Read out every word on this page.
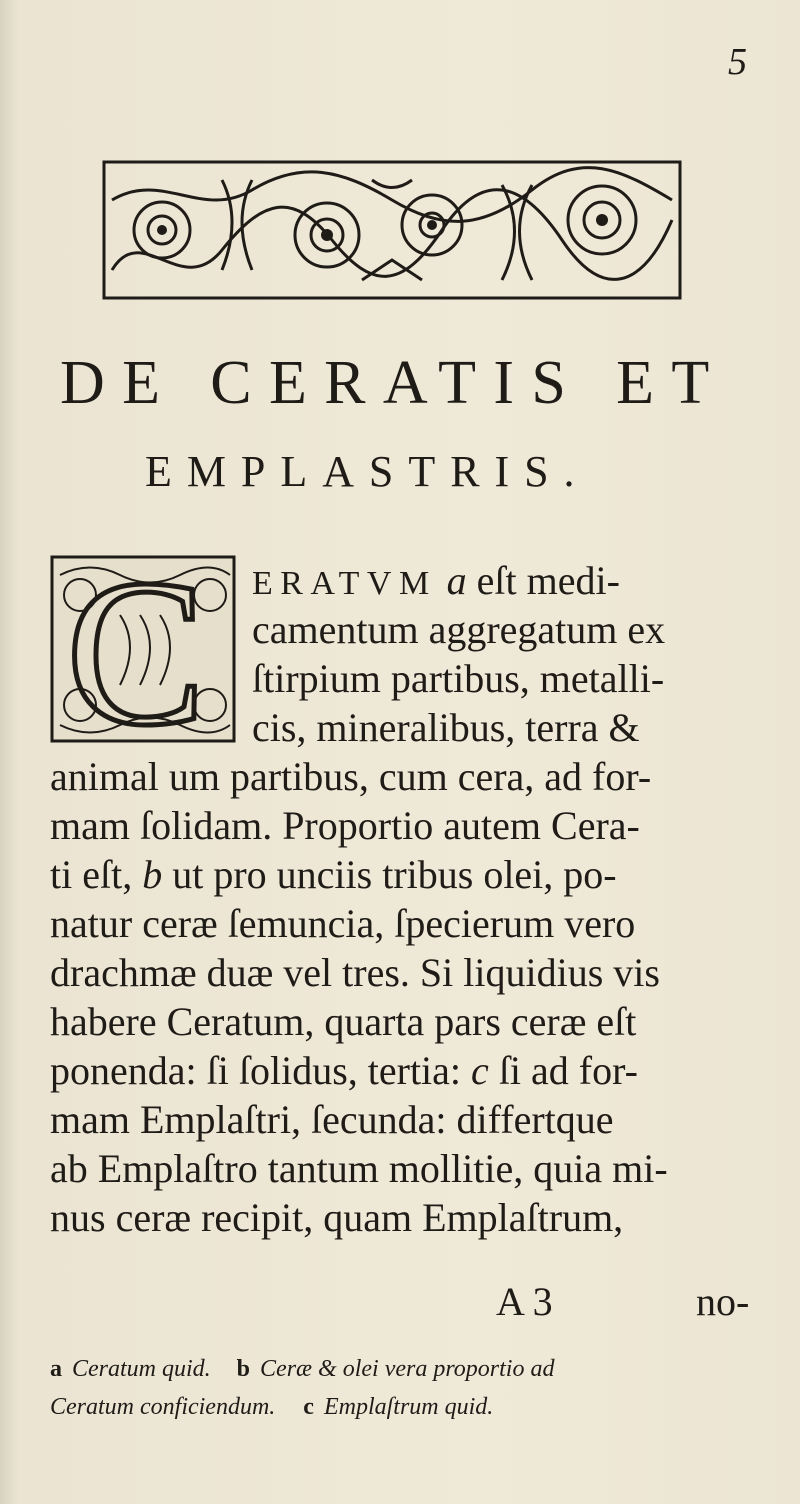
5
DE CERATIS ET
EMPLASTRIS.
C ERATVM a eſt medi-
camentum aggregatum ex
ſtirpium partibus, metalli-
cis, mineralibus, terra &
animal um partibus, cum cera, ad for-
mam ſolidam. Proportio autem Cera-
ti eſt, b ut pro unciis tribus olei, po-
natur ceræ ſemuncia, ſpecierum vero
drachmæ duæ vel tres. Si liquidius vis
habere Ceratum, quarta pars ceræ eſt
ponenda: ſi ſolidus, tertia: c ſi ad for-
mam Emplaſtri, ſecunda: differtque
ab Emplaſtro tantum mollitie, quia mi-
nus ceræ recipit, quam Emplaſtrum,
A 3	no-
a Ceratum quid. b Ceræ & olei vera proportio ad
Ceratum conficiendum. c Emplaſtrum quid.
